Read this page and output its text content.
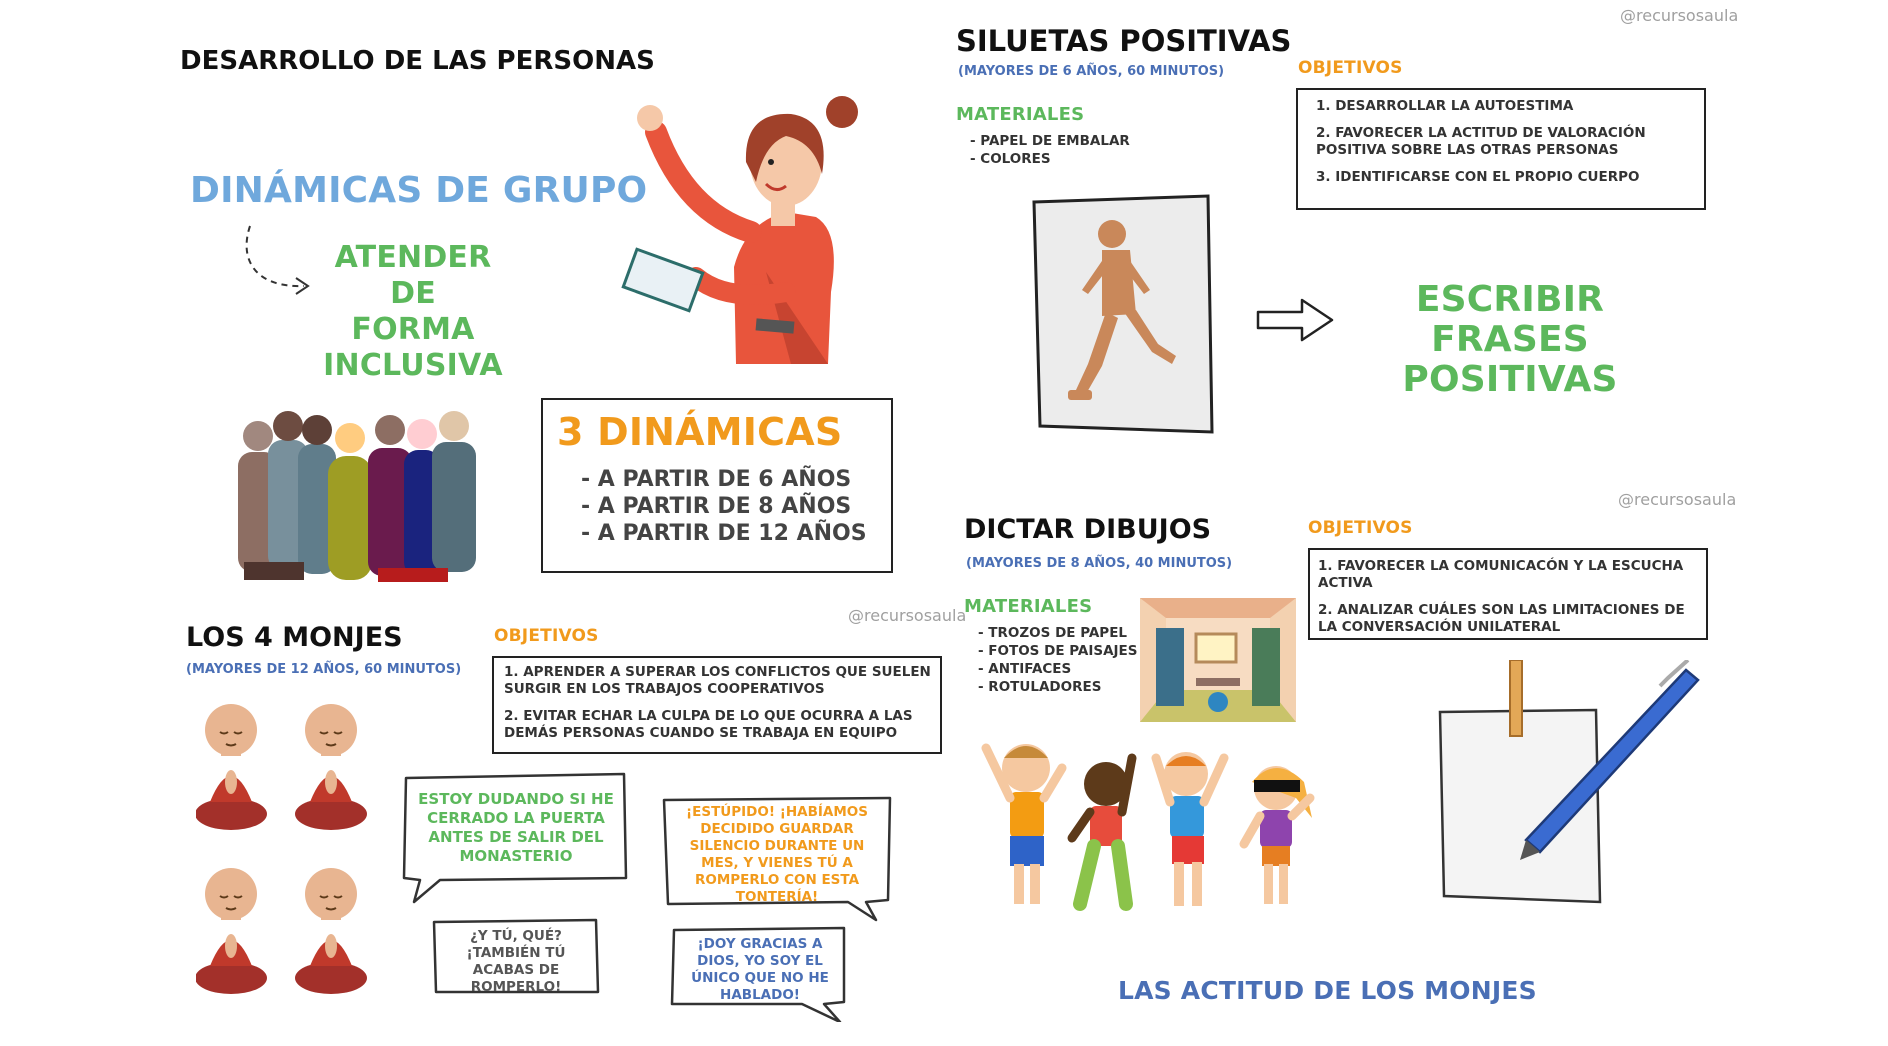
@recursosaula
@recursosaula
@recursosaula
DESARROLLO DE LAS PERSONAS
DINÁMICAS DE GRUPO
ATENDER DE
FORMA
INCLUSIVA
3 DINÁMICAS
- A PARTIR DE 6 AÑOS
- A PARTIR DE 8 AÑOS
- A PARTIR DE 12 AÑOS
LOS 4 MONJES
(MAYORES DE 12 AÑOS, 60 MINUTOS)
OBJETIVOS
1. APRENDER A SUPERAR LOS CONFLICTOS QUE SUELEN SURGIR EN LOS TRABAJOS COOPERATIVOS
2. EVITAR ECHAR LA CULPA DE LO QUE OCURRA A LAS DEMÁS PERSONAS CUANDO SE TRABAJA EN EQUIPO
ESTOY DUDANDO SI HE CERRADO LA PUERTA ANTES DE SALIR DEL MONASTERIO
¡ESTÚPIDO! ¡HABÍAMOS DECIDIDO GUARDAR SILENCIO DURANTE UN MES, Y VIENES TÚ A ROMPERLO CON ESTA TONTERÍA!
¿Y TÚ, QUÉ? ¡TAMBIÉN TÚ ACABAS DE ROMPERLO!
¡DOY GRACIAS A DIOS, YO SOY EL ÚNICO QUE NO HE HABLADO!
SILUETAS POSITIVAS
(MAYORES DE 6 AÑOS, 60 MINUTOS)
MATERIALES
- PAPEL DE EMBALAR
- COLORES
OBJETIVOS
1. DESARROLLAR LA AUTOESTIMA
2. FAVORECER LA ACTITUD DE VALORACIÓN POSITIVA SOBRE LAS OTRAS PERSONAS
3. IDENTIFICARSE CON EL PROPIO CUERPO
ESCRIBIR FRASES
POSITIVAS
DICTAR DIBUJOS
(MAYORES DE 8 AÑOS, 40 MINUTOS)
MATERIALES
- TROZOS DE PAPEL
- FOTOS DE PAISAJES
- ANTIFACES
- ROTULADORES
OBJETIVOS
1. FAVORECER LA COMUNICACÓN Y LA ESCUCHA ACTIVA
2. ANALIZAR CUÁLES SON LAS LIMITACIONES DE LA CONVERSACIÓN UNILATERAL
LAS ACTITUD DE LOS MONJES
